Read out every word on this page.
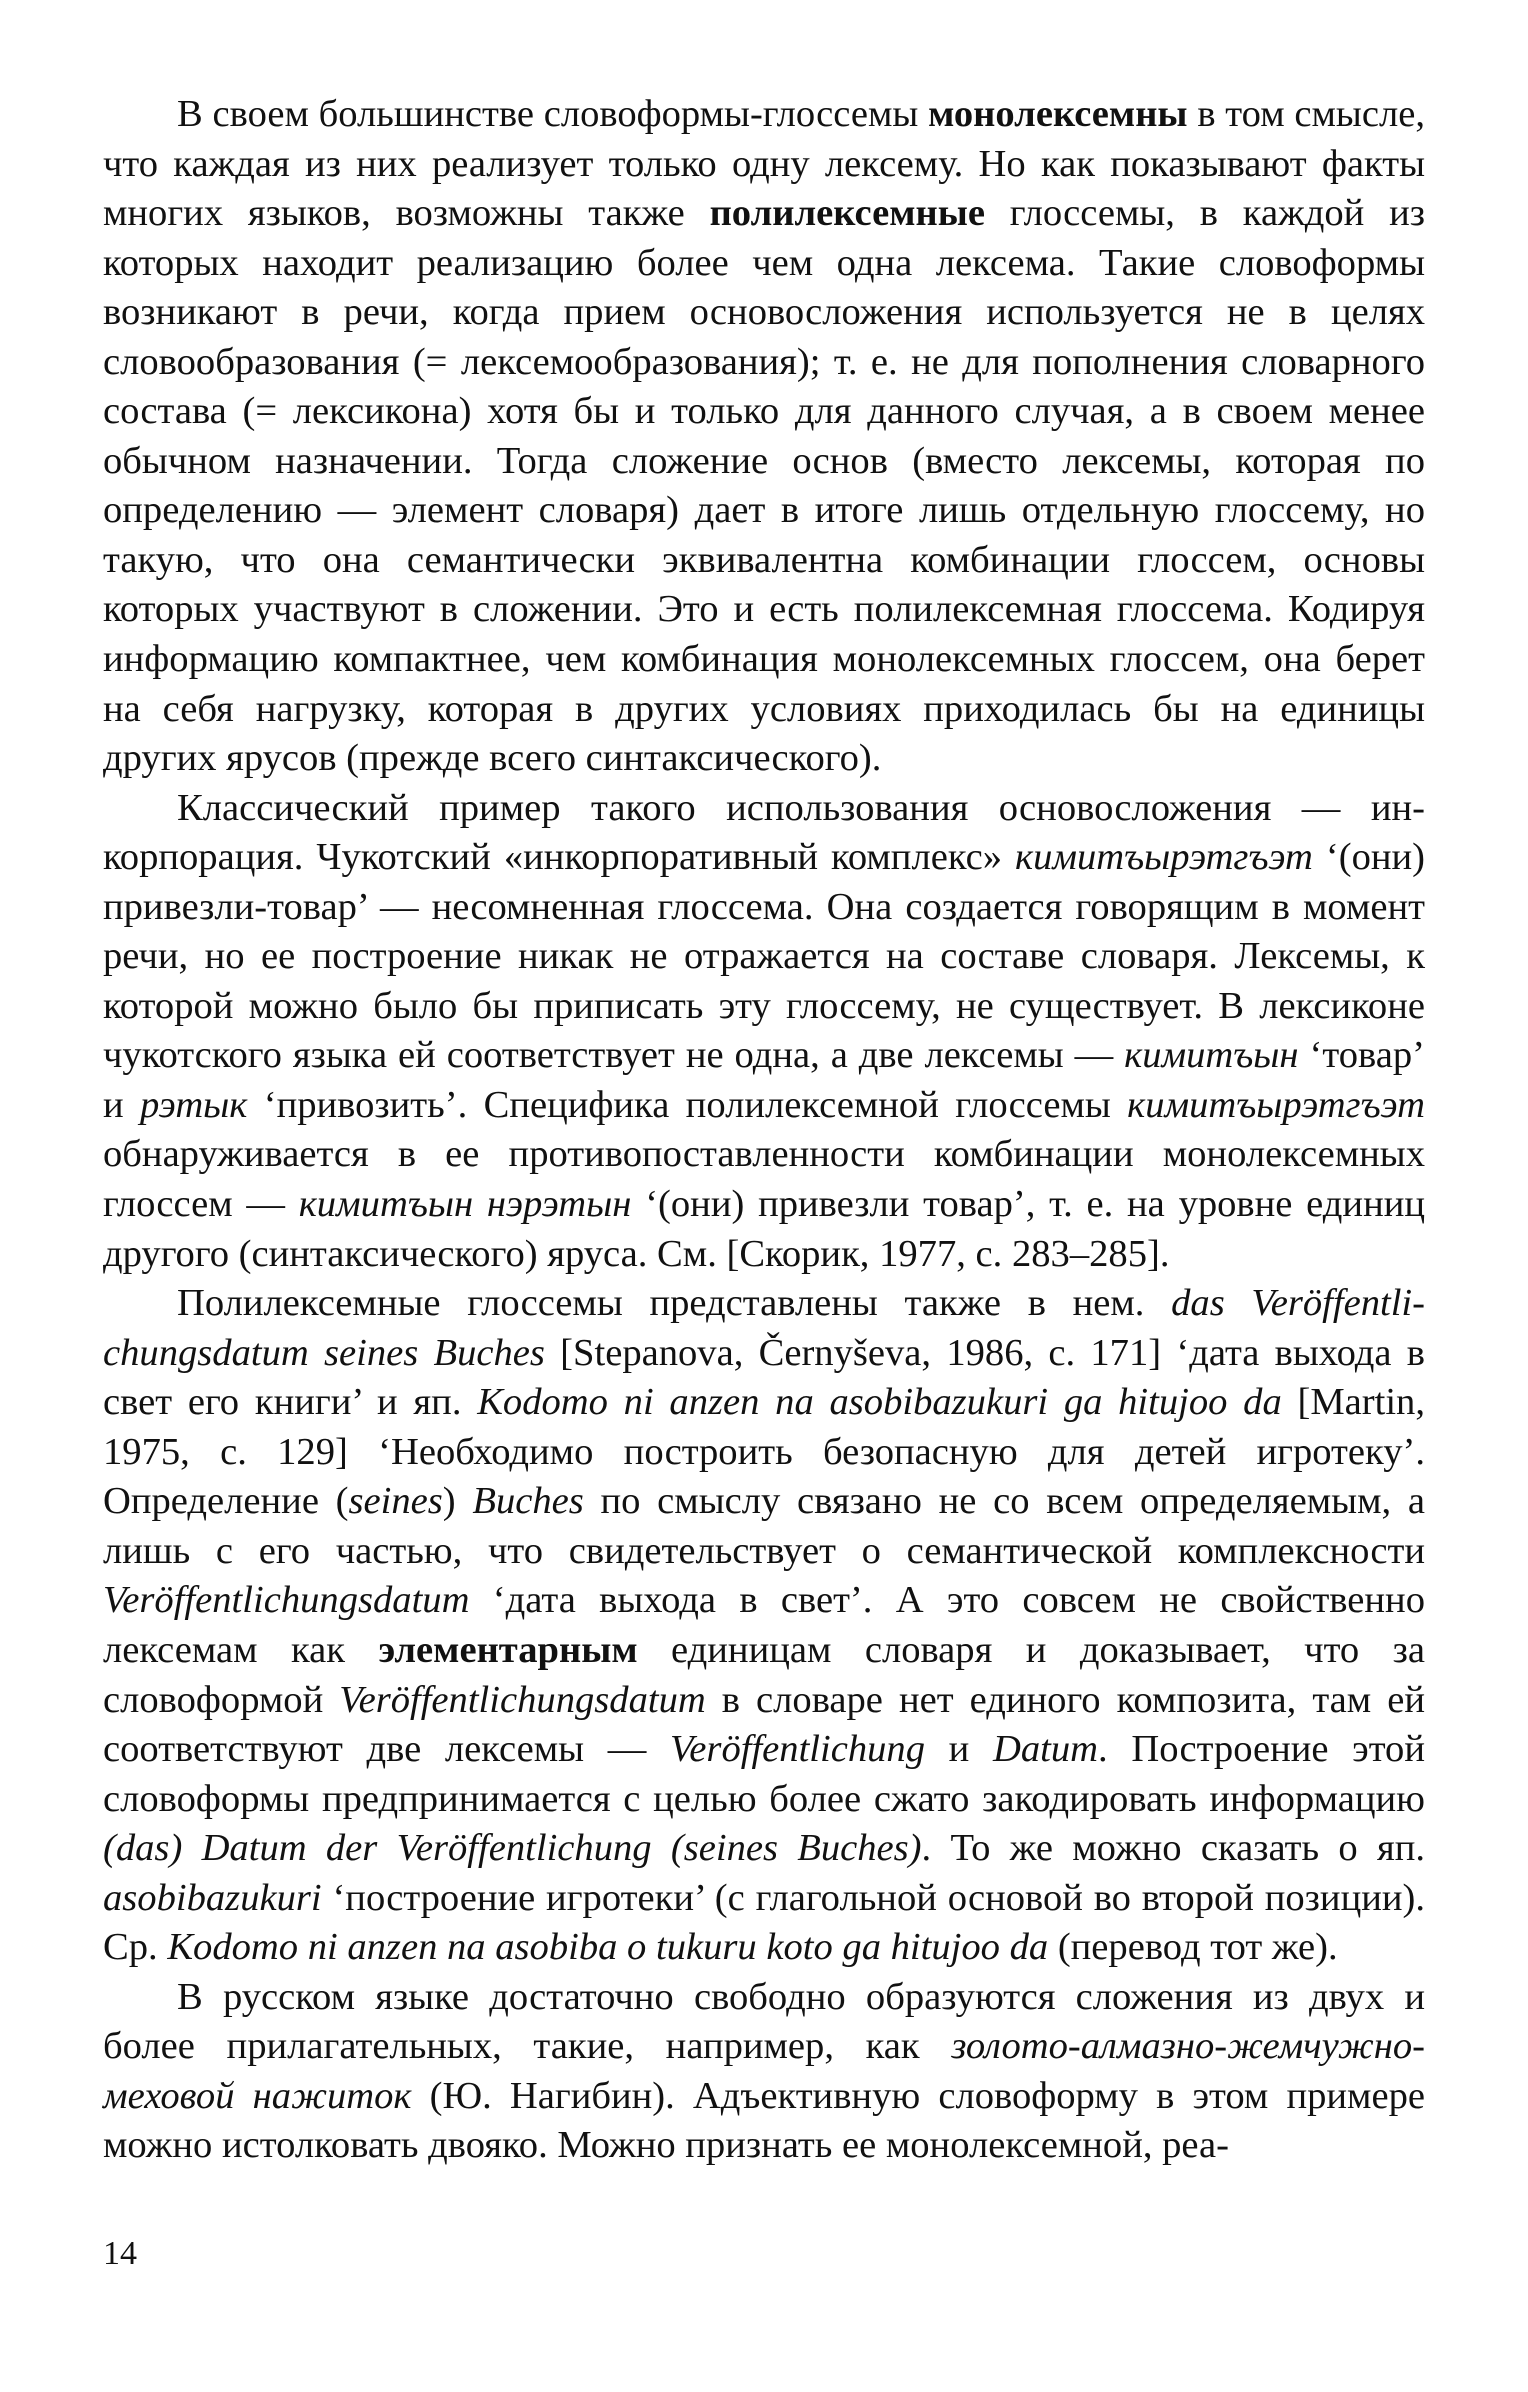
В своем большинстве словоформы-глоссемы монолексемны в том смысле, что каждая из них реализует только одну лексему. Но как показывают факты многих языков, возможны также полилексемные глоссемы, в каждой из которых находит реализацию более чем одна лексема. Такие словоформы возникают в речи, когда прием основосложения используется не в целях словообразования (= лексемообразования); т. е. не для пополнения словарного состава (= лексикона) хотя бы и только для данного случая, а в своем менее обычном назначении. Тогда сложение основ (вместо лексемы, которая по определению — элемент словаря) дает в итоге лишь отдельную глоссему, но такую, что она семантически эквивалентна комбинации глоссем, основы которых участвуют в сложении. Это и есть полилексемная глоссема. Кодируя информацию компактнее, чем комбинация монолексемных глоссем, она берет на себя нагрузку, которая в других условиях приходилась бы на единицы других ярусов (прежде всего синтаксического).

Классический пример такого использования основосложения — инкорпорация. Чукотский «инкорпоративный комплекс» кимитъырэтгъэт ‘(они) привезли-товар’ — несомненная глоссема. Она создается говорящим в момент речи, но ее построение никак не отражается на составе словаря. Лексемы, к которой можно было бы приписать эту глоссему, не существует. В лексиконе чукотского языка ей соответствует не одна, а две лексемы — кимитъын ‘товар’ и рэтык ‘привозить’. Специфика полилексемной глоссемы кимитъырэтгъэт обнаруживается в ее противопоставленности комбинации монолексемных глоссем — кимитъын нэрэтын ‘(они) привезли товар’, т. е. на уровне единиц другого (синтаксического) яруса. См. [Скорик, 1977, с. 283–285].

Полилексемные глоссемы представлены также в нем. das Veröffentlichungsdatum seines Buches [Stepanova, Černyševa, 1986, c. 171] ‘дата выхода в свет его книги’ и яп. Kodomo ni anzen na asobibazukuri ga hitujoo da [Martin, 1975, c. 129] ‘Необходимо построить безопасную для детей игротеку’. Определение (seines) Buches по смыслу связано не со всем определяемым, а лишь с его частью, что свидетельствует о семантической комплексности Veröffentlichungsdatum ‘дата выхода в свет’. А это совсем не свойственно лексемам как элементарным единицам словаря и доказывает, что за словоформой Veröffentlichungsdatum в словаре нет единого композита, там ей соответствуют две лексемы — Veröffentlichung и Datum. Построение этой словоформы предпринимается с целью более сжато закодировать информацию (das) Datum der Veröffentlichung (seines Buches). То же можно сказать о яп. asobibazukuri ‘построение игротеки’ (с глагольной основой во второй позиции). Ср. Kodomo ni anzen na asobiba o tukuru koto ga hitujoo da (перевод тот же).

В русском языке достаточно свободно образуются сложения из двух и более прилагательных, такие, например, как золото-алмазно-жемчужномеховой нажиток (Ю. Нагибин). Адъективную словоформу в этом примере можно истолковать двояко. Можно признать ее монолексемной, реа-

14
